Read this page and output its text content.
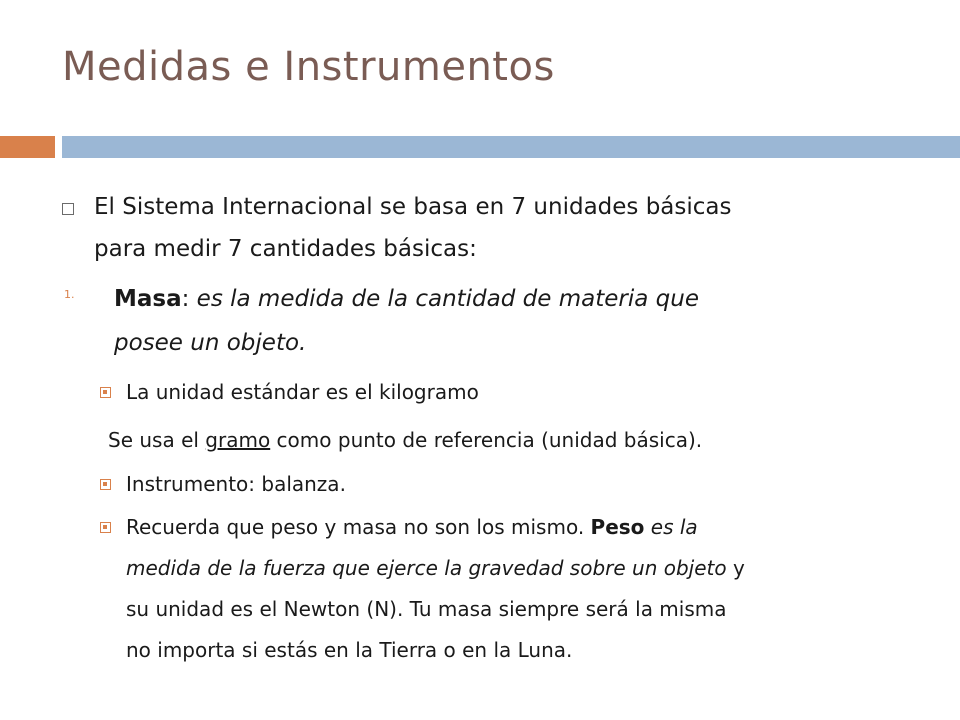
Medidas e Instrumentos
El Sistema Internacional se basa en 7 unidades básicas
para medir 7 cantidades básicas:
1. Masa: es la medida de la cantidad de materia que
posee un objeto.
La unidad estándar es el kilogramo
Se usa el gramo como punto de referencia (unidad básica).
Instrumento: balanza.
Recuerda que peso y masa no son los mismo. Peso es la
medida de la fuerza que ejerce la gravedad sobre un objeto y
su unidad es el Newton (N). Tu masa siempre será la misma
no importa si estás en la Tierra o en la Luna.
